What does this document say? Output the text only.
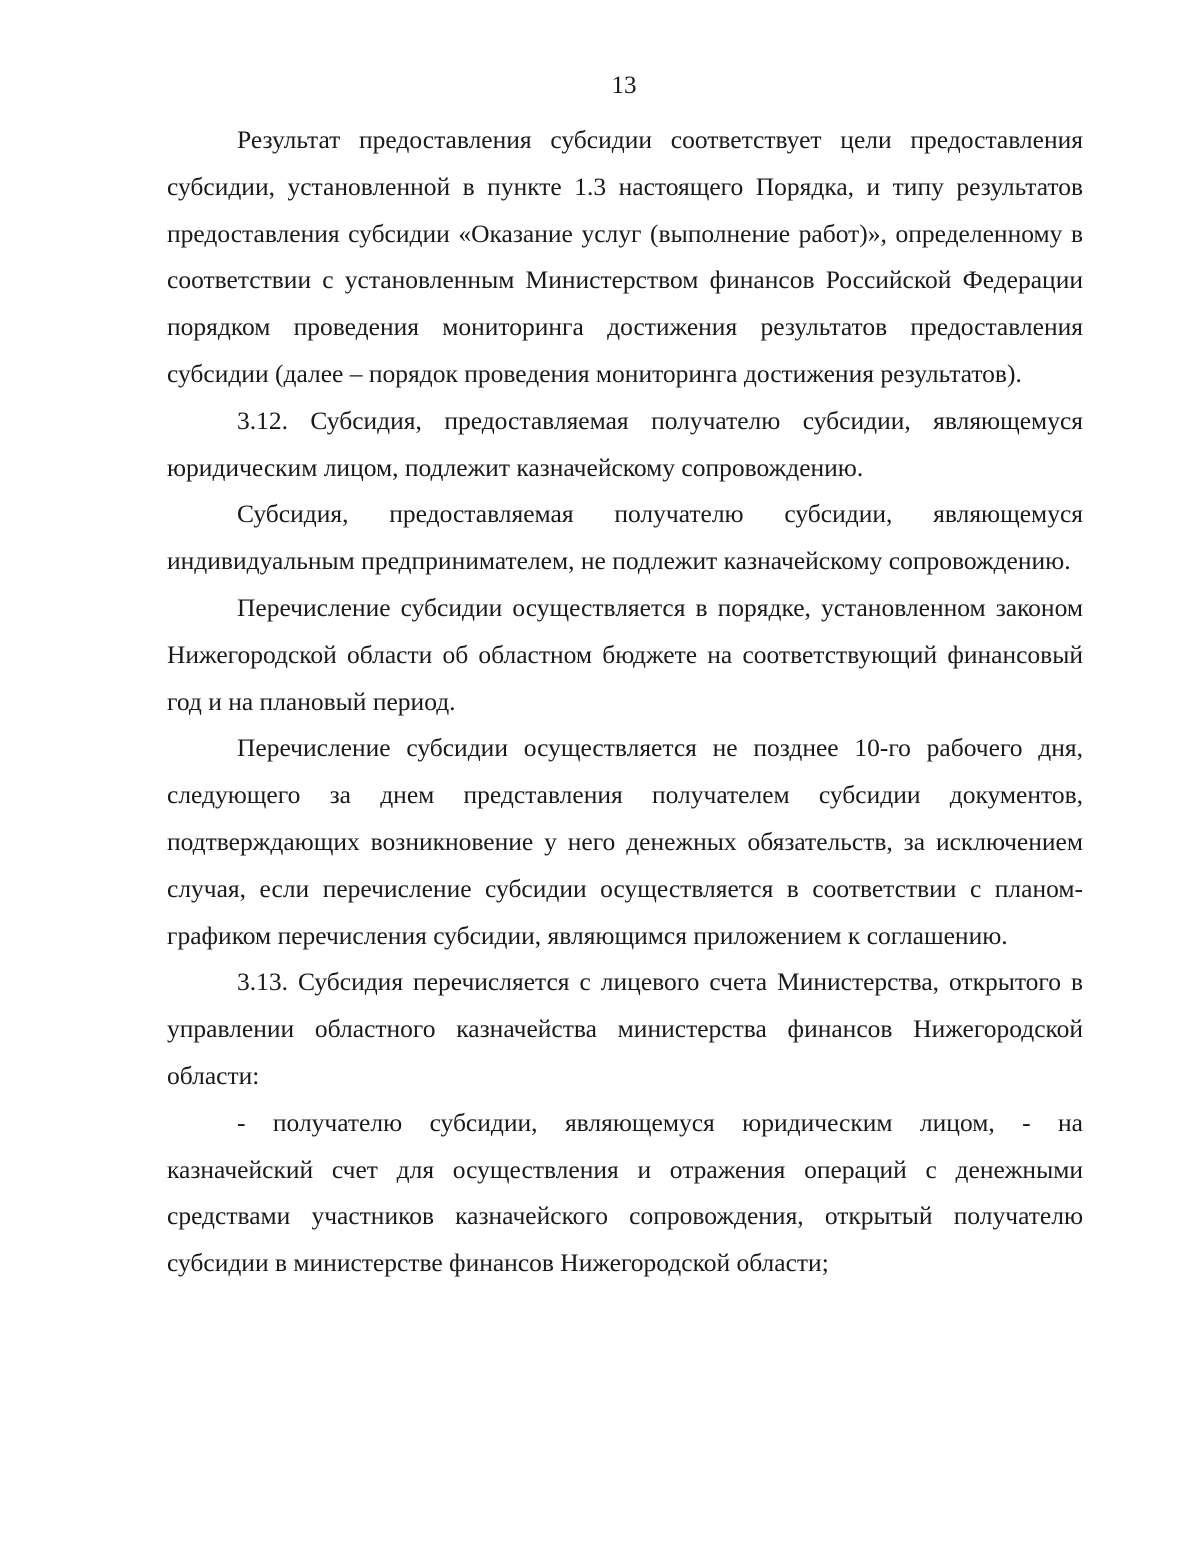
13

Результат предоставления субсидии соответствует цели предоставления субсидии, установленной в пункте 1.3 настоящего Порядка, и типу результатов предоставления субсидии «Оказание услуг (выполнение работ)», определенному в соответствии с установленным Министерством финансов Российской Федерации порядком проведения мониторинга достижения результатов предоставления субсидии (далее – порядок проведения мониторинга достижения результатов).

3.12. Субсидия, предоставляемая получателю субсидии, являющемуся юридическим лицом, подлежит казначейскому сопровождению.

Субсидия, предоставляемая получателю субсидии, являющемуся индивидуальным предпринимателем, не подлежит казначейскому сопровождению.

Перечисление субсидии осуществляется в порядке, установленном законом Нижегородской области об областном бюджете на соответствующий финансовый год и на плановый период.

Перечисление субсидии осуществляется не позднее 10-го рабочего дня, следующего за днем представления получателем субсидии документов, подтверждающих возникновение у него денежных обязательств, за исключением случая, если перечисление субсидии осуществляется в соответствии с планом-графиком перечисления субсидии, являющимся приложением к соглашению.

3.13. Субсидия перечисляется с лицевого счета Министерства, открытого в управлении областного казначейства министерства финансов Нижегородской области:

- получателю субсидии, являющемуся юридическим лицом, - на казначейский счет для осуществления и отражения операций с денежными средствами участников казначейского сопровождения, открытый получателю субсидии в министерстве финансов Нижегородской области;
